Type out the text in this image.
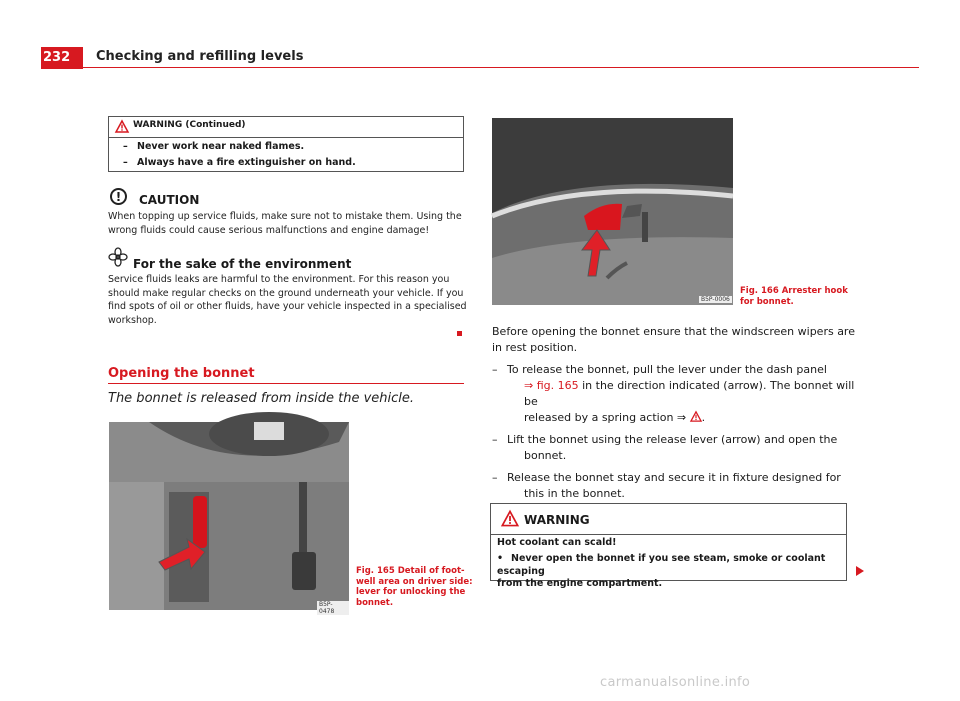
232	Checking and refilling levels
WARNING (Continued)
– Never work near naked flames.
– Always have a fire extinguisher on hand.
!	CAUTION
When topping up service fluids, make sure not to mistake them. Using the
wrong fluids could cause serious malfunctions and engine damage!
For the sake of the environment
Service fluids leaks are harmful to the environment. For this reason you
should make regular checks on the ground underneath your vehicle. If you
find spots of oil or other fluids, have your vehicle inspected in a specialised
workshop.
Opening the bonnet
The bonnet is released from inside the vehicle.
B5P-0478
Fig. 165 Detail of foot-
well area on driver side:
lever for unlocking the
bonnet.
B5P-0006
Fig. 166 Arrester hook
for bonnet.
Before opening the bonnet ensure that the windscreen wipers are
in rest position.
– To release the bonnet, pull the lever under the dash panel
⇒ fig. 165 in the direction indicated (arrow). The bonnet will be
released by a spring action ⇒ .
– Lift the bonnet using the release lever (arrow) and open the
bonnet.
– Release the bonnet stay and secure it in fixture designed for
this in the bonnet.
WARNING
Hot coolant can scald!
• Never open the bonnet if you see steam, smoke or coolant escaping
from the engine compartment.
carmanualsonline.info
